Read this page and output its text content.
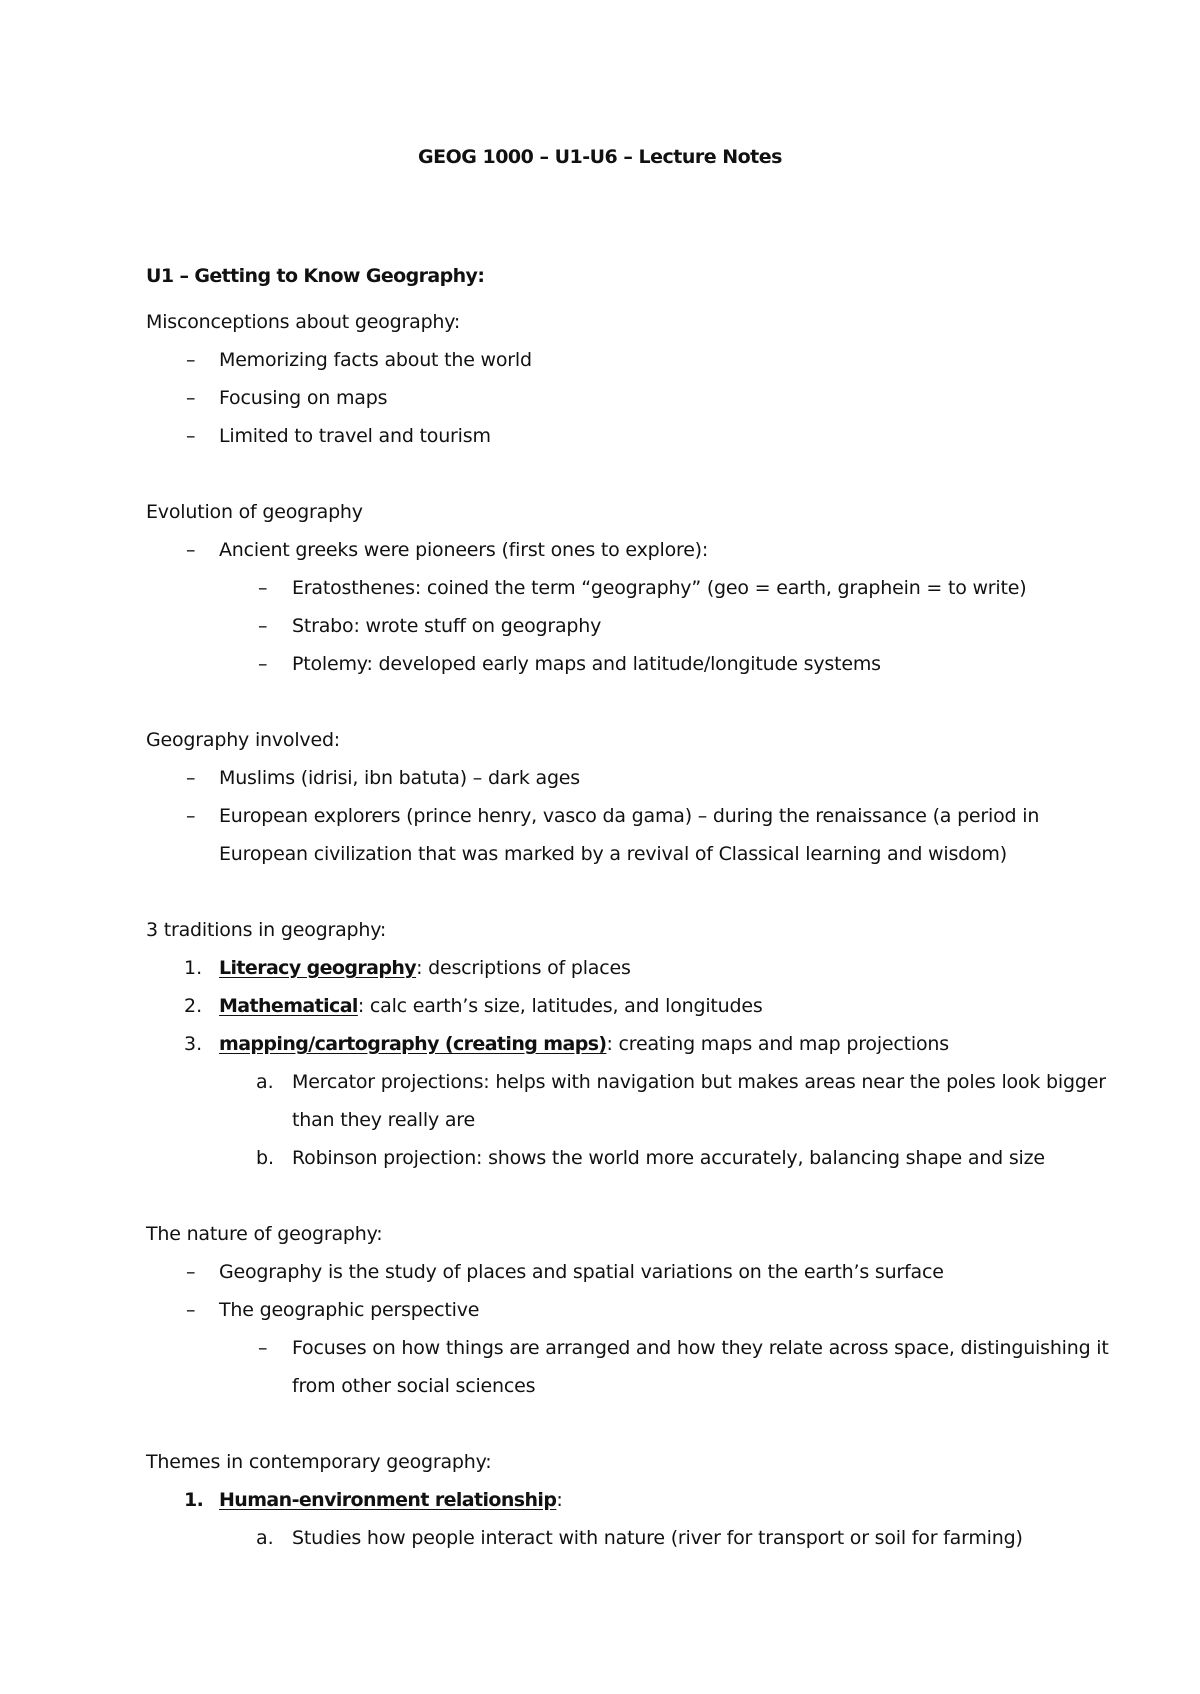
GEOG 1000 – U1-U6 – Lecture Notes
U1 – Getting to Know Geography:
Misconceptions about geography:
– Memorizing facts about the world
– Focusing on maps
– Limited to travel and tourism
Evolution of geography
– Ancient greeks were pioneers (first ones to explore):
– Eratosthenes: coined the term “geography” (geo = earth, graphein = to write)
– Strabo: wrote stuff on geography
– Ptolemy: developed early maps and latitude/longitude systems
Geography involved:
– Muslims (idrisi, ibn batuta) – dark ages
– European explorers (prince henry, vasco da gama) – during the renaissance (a period in
European civilization that was marked by a revival of Classical learning and wisdom)
3 traditions in geography:
1. Literacy geography: descriptions of places
2. Mathematical: calc earth’s size, latitudes, and longitudes
3. mapping/cartography (creating maps): creating maps and map projections
a. Mercator projections: helps with navigation but makes areas near the poles look bigger
than they really are
b. Robinson projection: shows the world more accurately, balancing shape and size
The nature of geography:
– Geography is the study of places and spatial variations on the earth’s surface
– The geographic perspective
– Focuses on how things are arranged and how they relate across space, distinguishing it
from other social sciences
Themes in contemporary geography:
1. Human-environment relationship:
a. Studies how people interact with nature (river for transport or soil for farming)
